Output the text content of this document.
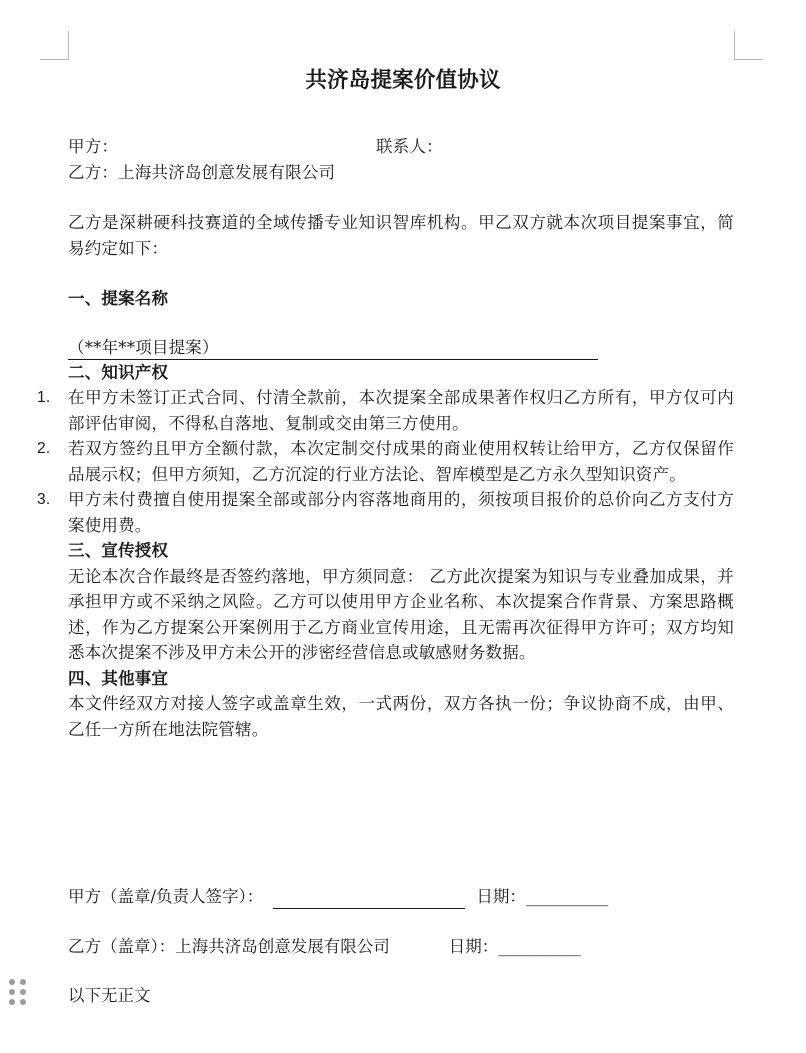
共济岛提案价值协议
甲方：	联系人：
乙方：上海共济岛创意发展有限公司
乙方是深耕硬科技赛道的全域传播专业知识智库机构。甲乙双方就本次项目提案事宜，简易约定如下：
一、提案名称
（**年**项目提案）
二、知识产权
1. 在甲方未签订正式合同、付清全款前，本次提案全部成果著作权归乙方所有，甲方仅可内部评估审阅，不得私自落地、复制或交由第三方使用。
2. 若双方签约且甲方全额付款，本次定制交付成果的商业使用权转让给甲方，乙方仅保留作品展示权；但甲方须知，乙方沉淀的行业方法论、智库模型是乙方永久型知识资产。
3. 甲方未付费擅自使用提案全部或部分内容落地商用的，须按项目报价的总价向乙方支付方案使用费。
三、宣传授权
无论本次合作最终是否签约落地，甲方须同意： 乙方此次提案为知识与专业叠加成果，并承担甲方或不采纳之风险。乙方可以使用甲方企业名称、本次提案合作背景、方案思路概述，作为乙方提案公开案例用于乙方商业宣传用途，且无需再次征得甲方许可；双方均知悉本次提案不涉及甲方未公开的涉密经营信息或敏感财务数据。
四、其他事宜
本文件经双方对接人签字或盖章生效，一式两份，双方各执一份；争议协商不成，由甲、乙任一方所在地法院管辖。
甲方（盖章/负责人签字）：	日期： __________
乙方（盖章）：上海共济岛创意发展有限公司	日期： __________
以下无正文
